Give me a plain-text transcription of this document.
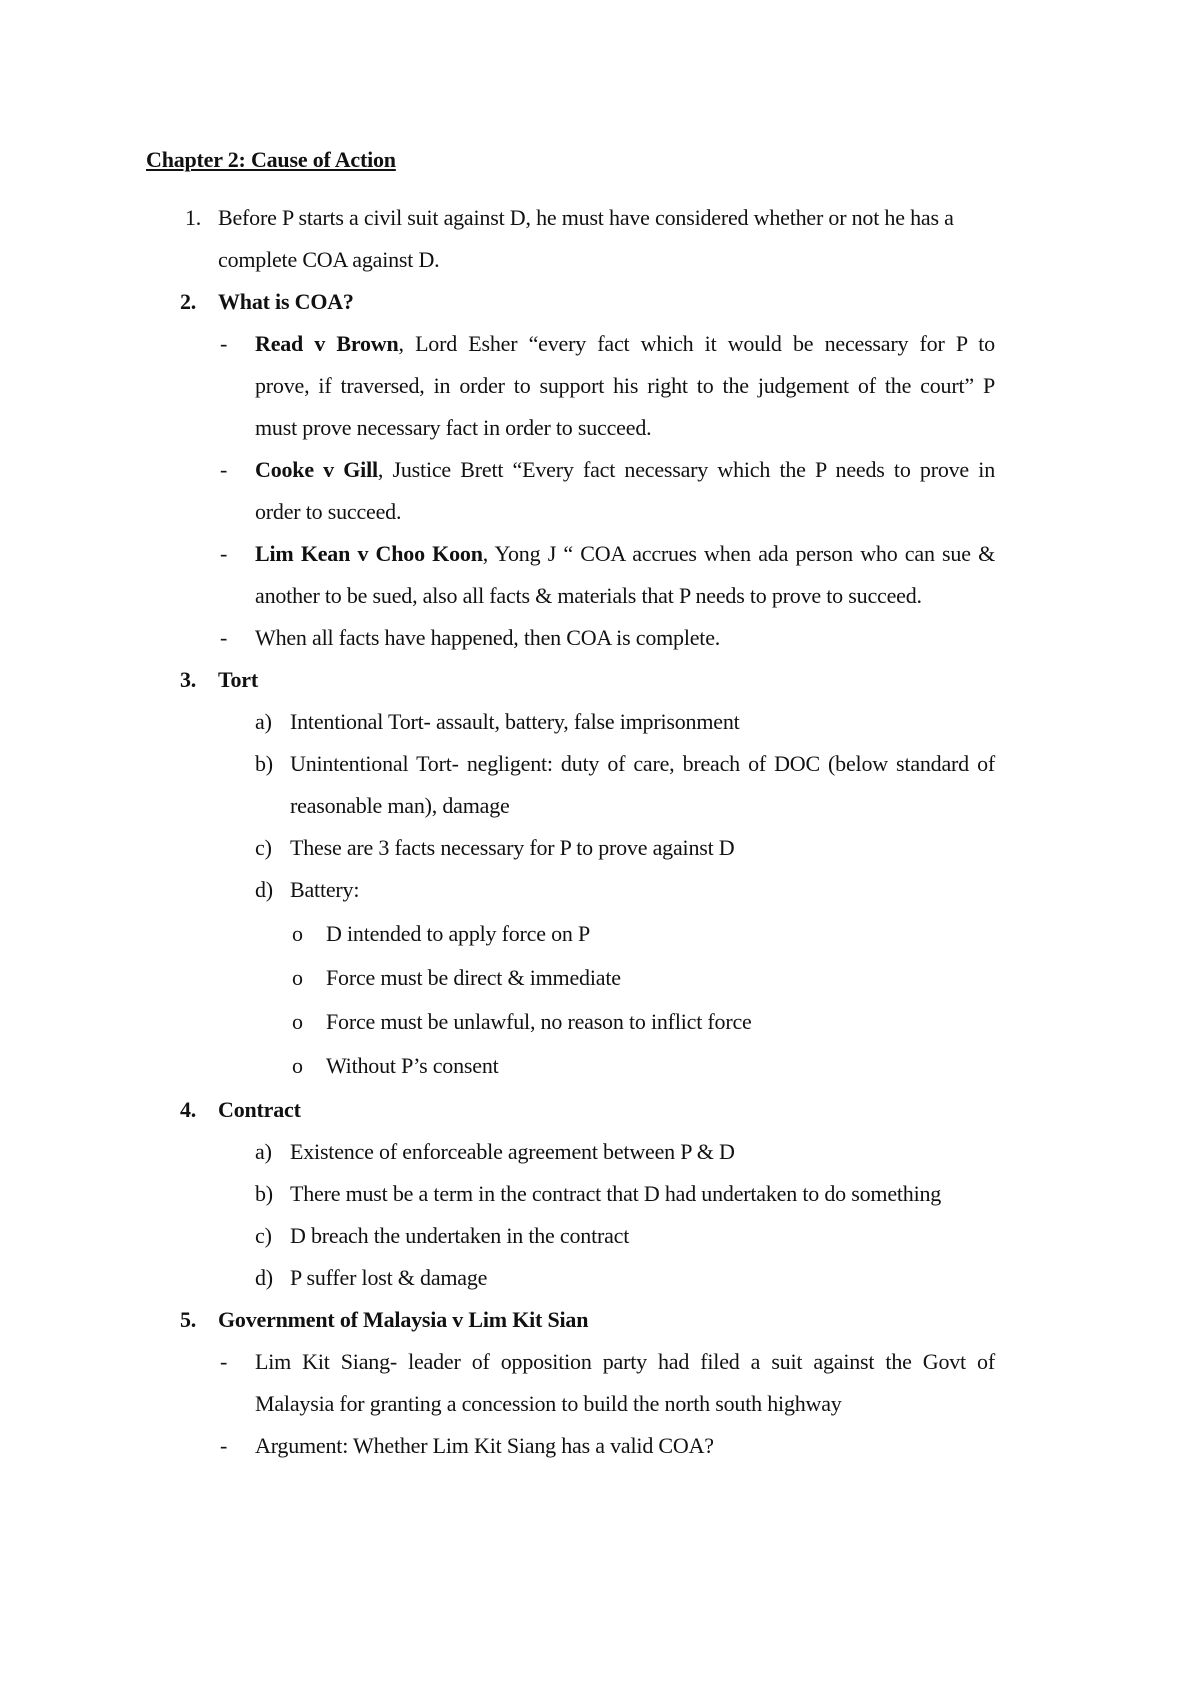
Chapter 2: Cause of Action
1. Before P starts a civil suit against D, he must have considered whether or not he has a
complete COA against D.
2. What is COA?
- Read v Brown, Lord Esher “every fact which it would be necessary for P to
prove, if traversed, in order to support his right to the judgement of the court” P
must prove necessary fact in order to succeed.
- Cooke v Gill, Justice Brett “Every fact necessary which the P needs to prove in
order to succeed.
- Lim Kean v Choo Koon, Yong J “ COA accrues when ada person who can sue &
another to be sued, also all facts & materials that P needs to prove to succeed.
- When all facts have happened, then COA is complete.
3. Tort
a) Intentional Tort- assault, battery, false imprisonment
b) Unintentional Tort- negligent: duty of care, breach of DOC (below standard of
reasonable man), damage
c) These are 3 facts necessary for P to prove against D
d) Battery:
o D intended to apply force on P
o Force must be direct & immediate
o Force must be unlawful, no reason to inflict force
o Without P’s consent
4. Contract
a) Existence of enforceable agreement between P & D
b) There must be a term in the contract that D had undertaken to do something
c) D breach the undertaken in the contract
d) P suffer lost & damage
5. Government of Malaysia v Lim Kit Sian
- Lim Kit Siang- leader of opposition party had filed a suit against the Govt of
Malaysia for granting a concession to build the north south highway
- Argument: Whether Lim Kit Siang has a valid COA?
